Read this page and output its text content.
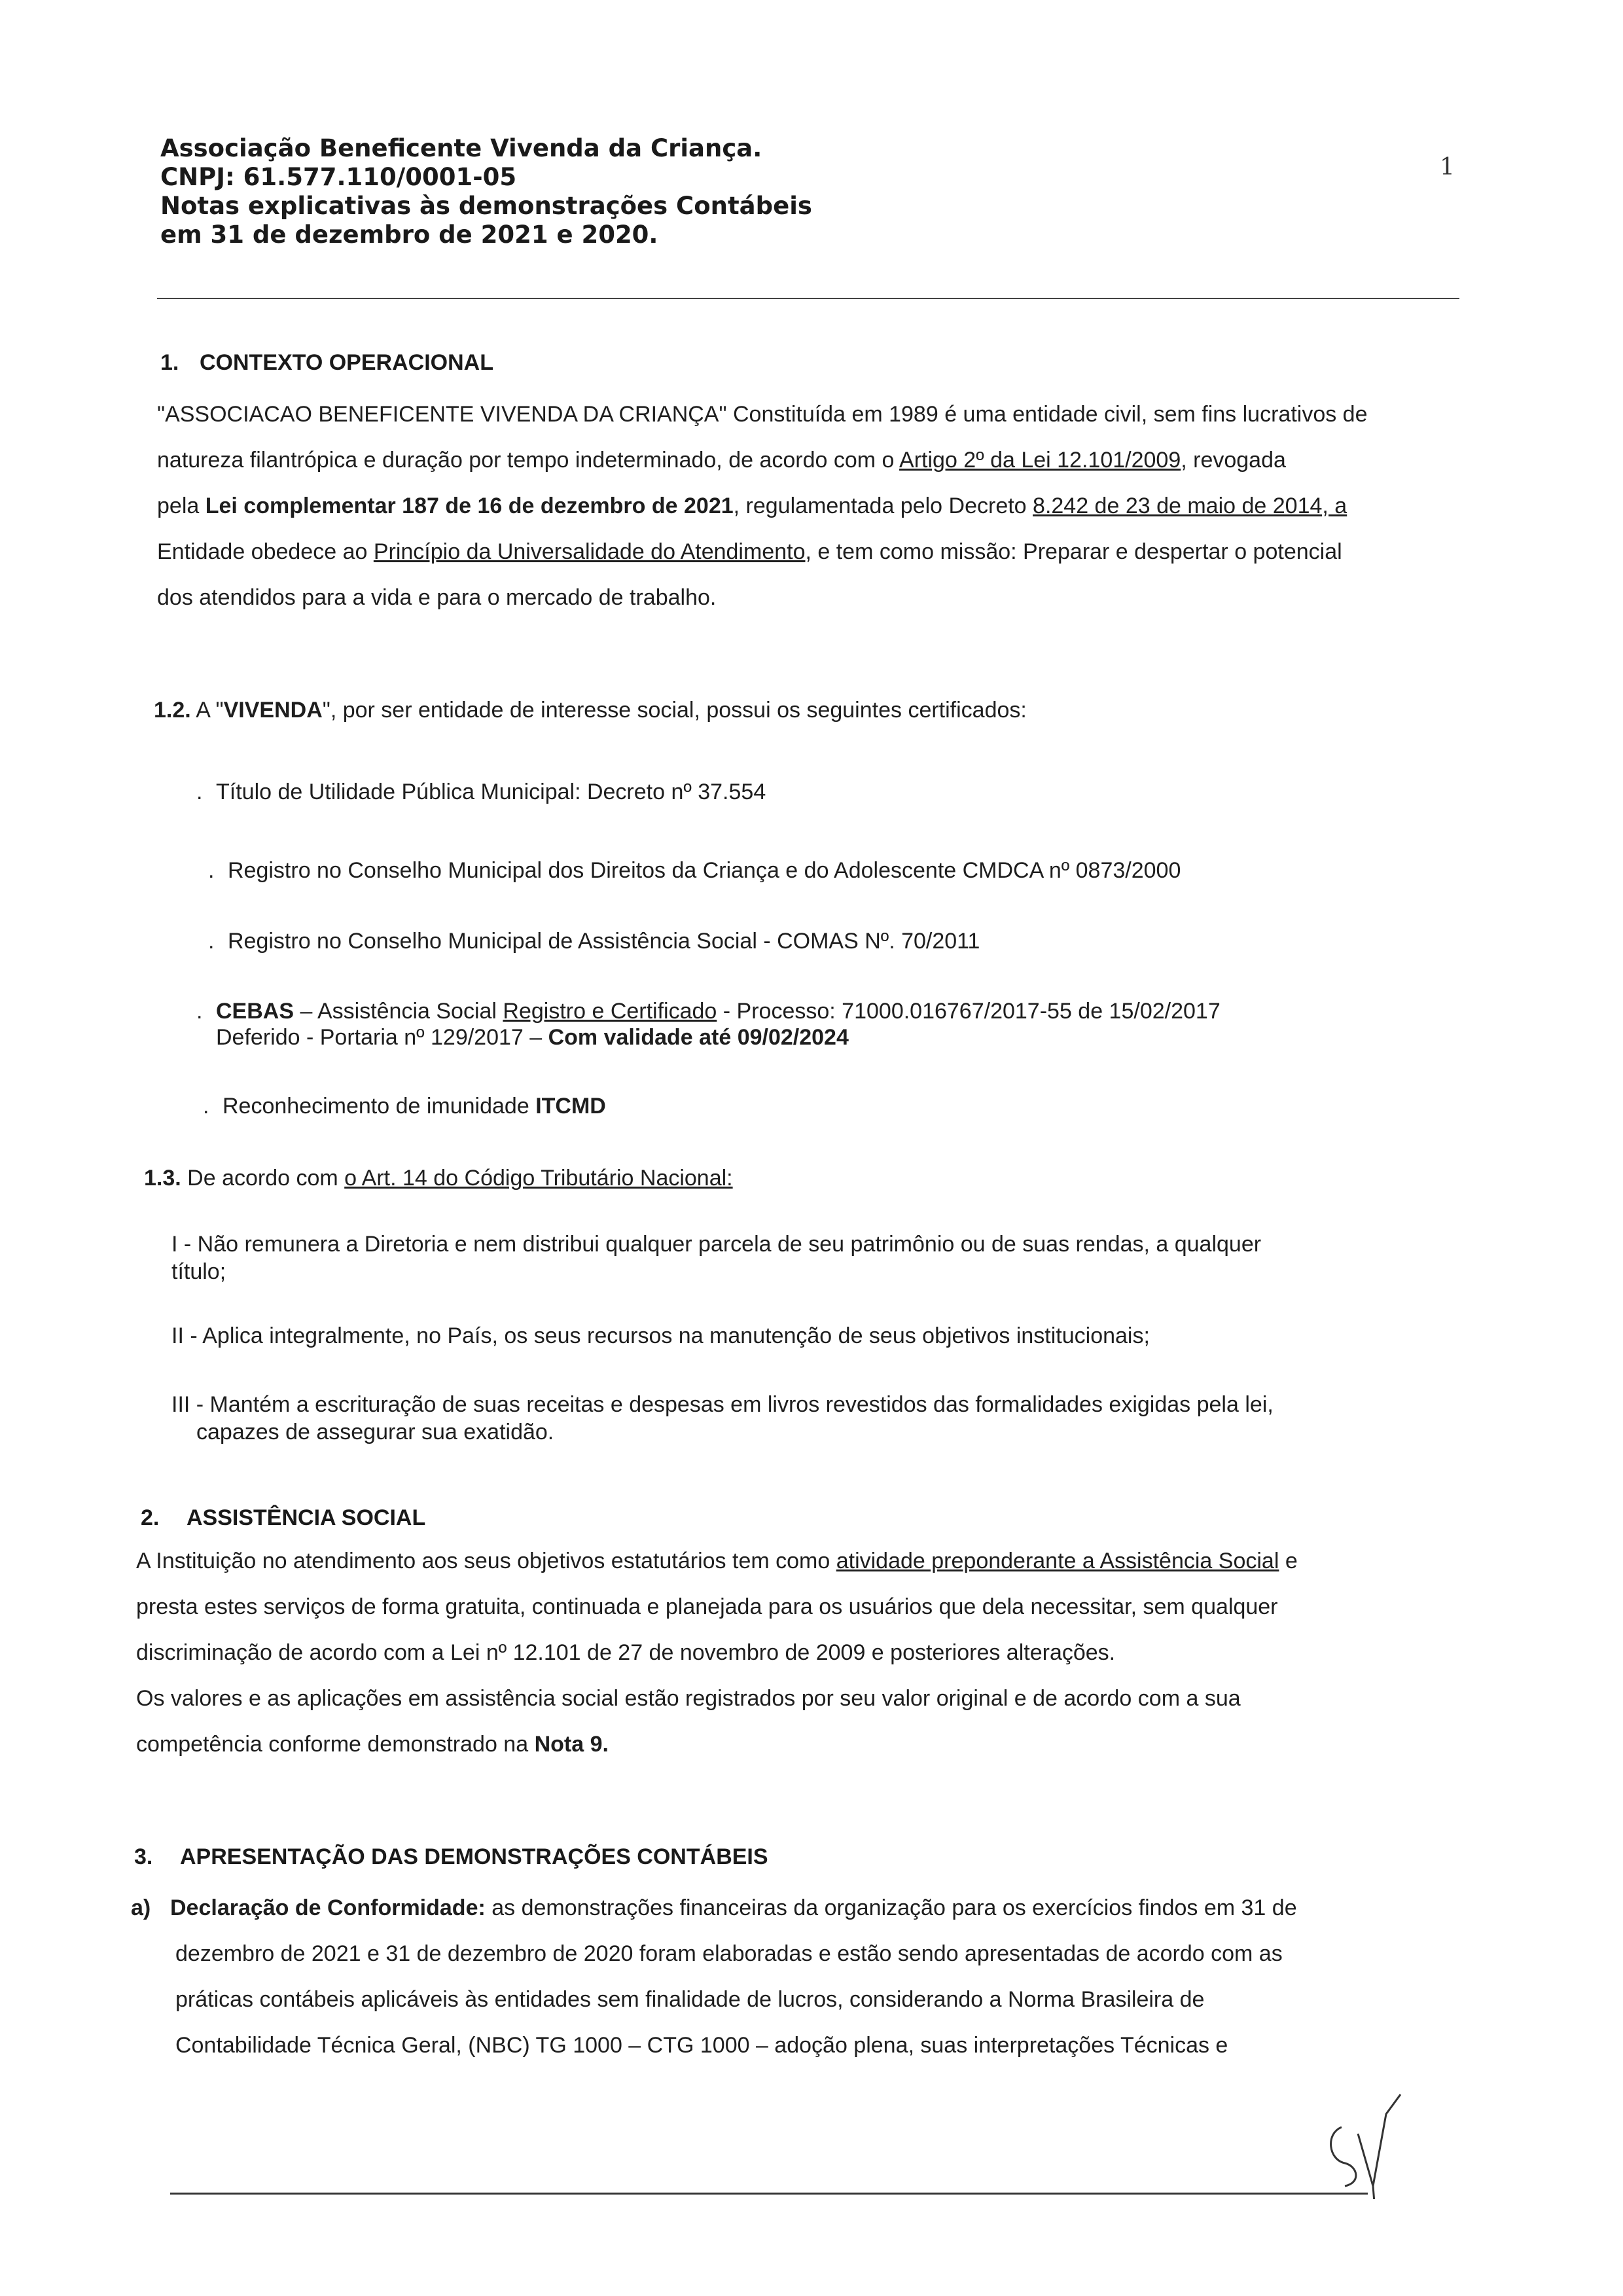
Associação Beneficente Vivenda da Criança.
CNPJ: 61.577.110/0001-05
Notas explicativas às demonstrações Contábeis
em 31 de dezembro de 2021 e 2020.
1
1. CONTEXTO OPERACIONAL
"ASSOCIACAO BENEFICENTE VIVENDA DA CRIANÇA" Constituída em 1989 é uma entidade civil, sem fins lucrativos de
natureza filantrópica e duração por tempo indeterminado, de acordo com o Artigo 2º da Lei 12.101/2009, revogada
pela Lei complementar 187 de 16 de dezembro de 2021, regulamentada pelo Decreto 8.242 de 23 de maio de 2014, a
Entidade obedece ao Princípio da Universalidade do Atendimento, e tem como missão: Preparar e despertar o potencial
dos atendidos para a vida e para o mercado de trabalho.
1.2. A "VIVENDA", por ser entidade de interesse social, possui os seguintes certificados:
. Título de Utilidade Pública Municipal: Decreto nº 37.554
. Registro no Conselho Municipal dos Direitos da Criança e do Adolescente CMDCA nº 0873/2000
. Registro no Conselho Municipal de Assistência Social - COMAS Nº. 70/2011
. CEBAS – Assistência Social Registro e Certificado - Processo: 71000.016767/2017-55 de 15/02/2017
Deferido - Portaria nº 129/2017 – Com validade até 09/02/2024
. Reconhecimento de imunidade ITCMD
1.3. De acordo com o Art. 14 do Código Tributário Nacional:
I - Não remunera a Diretoria e nem distribui qualquer parcela de seu patrimônio ou de suas rendas, a qualquer
título;
II - Aplica integralmente, no País, os seus recursos na manutenção de seus objetivos institucionais;
III - Mantém a escrituração de suas receitas e despesas em livros revestidos das formalidades exigidas pela lei,
capazes de assegurar sua exatidão.
2. ASSISTÊNCIA SOCIAL
A Instituição no atendimento aos seus objetivos estatutários tem como atividade preponderante a Assistência Social e
presta estes serviços de forma gratuita, continuada e planejada para os usuários que dela necessitar, sem qualquer
discriminação de acordo com a Lei nº 12.101 de 27 de novembro de 2009 e posteriores alterações.
Os valores e as aplicações em assistência social estão registrados por seu valor original e de acordo com a sua
competência conforme demonstrado na Nota 9.
3. APRESENTAÇÃO DAS DEMONSTRAÇÕES CONTÁBEIS
a) Declaração de Conformidade: as demonstrações financeiras da organização para os exercícios findos em 31 de
dezembro de 2021 e 31 de dezembro de 2020 foram elaboradas e estão sendo apresentadas de acordo com as
práticas contábeis aplicáveis às entidades sem finalidade de lucros, considerando a Norma Brasileira de
Contabilidade Técnica Geral, (NBC) TG 1000 – CTG 1000 – adoção plena, suas interpretações Técnicas e
